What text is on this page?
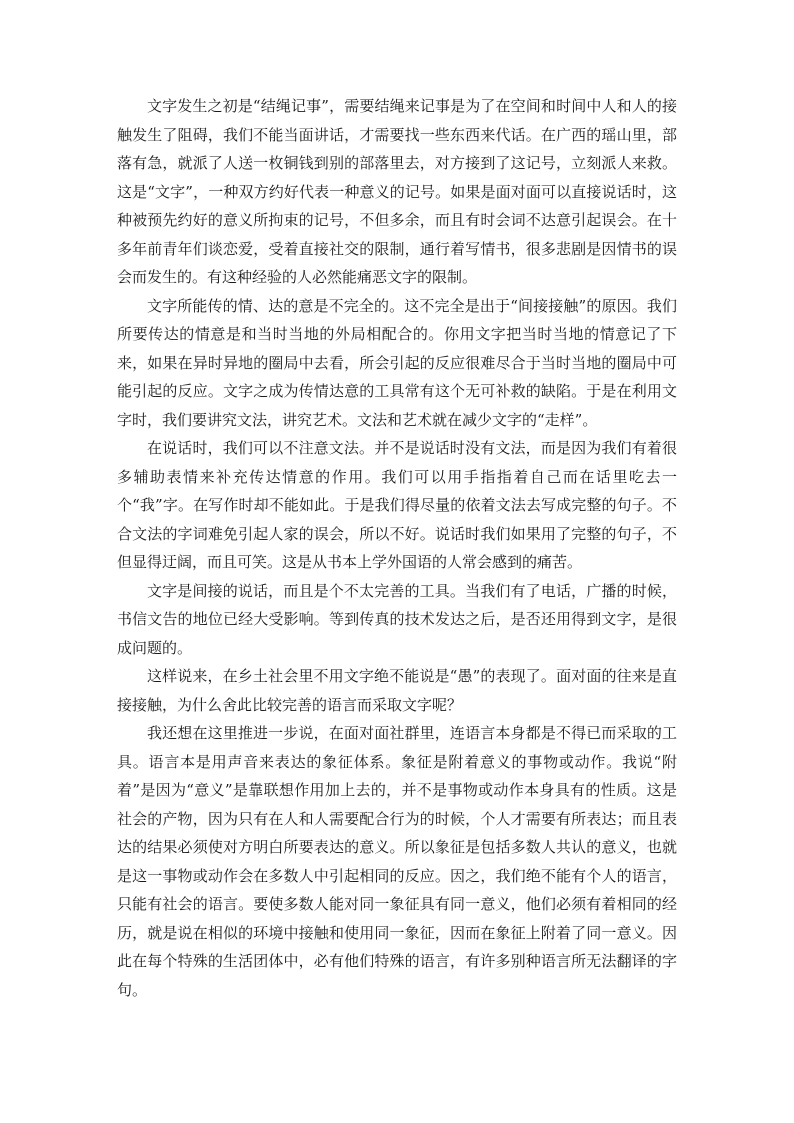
文字发生之初是“结绳记事”，需要结绳来记事是为了在空间和时间中人和人的接触发生了阻碍，我们不能当面讲话，才需要找一些东西来代话。在广西的瑶山里，部落有急，就派了人送一枚铜钱到别的部落里去，对方接到了这记号，立刻派人来救。这是“文字”，一种双方约好代表一种意义的记号。如果是面对面可以直接说话时，这种被预先约好的意义所拘束的记号，不但多余，而且有时会词不达意引起误会。在十多年前青年们谈恋爱，受着直接社交的限制，通行着写情书，很多悲剧是因情书的误会而发生的。有这种经验的人必然能痛恶文字的限制。

文字所能传的情、达的意是不完全的。这不完全是出于“间接接触”的原因。我们所要传达的情意是和当时当地的外局相配合的。你用文字把当时当地的情意记了下来，如果在异时异地的圈局中去看，所会引起的反应很难尽合于当时当地的圈局中可能引起的反应。文字之成为传情达意的工具常有这个无可补救的缺陷。于是在利用文字时，我们要讲究文法，讲究艺术。文法和艺术就在减少文字的“走样”。

在说话时，我们可以不注意文法。并不是说话时没有文法，而是因为我们有着很多辅助表情来补充传达情意的作用。我们可以用手指指着自己而在话里吃去一个“我”字。在写作时却不能如此。于是我们得尽量的依着文法去写成完整的句子。不合文法的字词难免引起人家的误会，所以不好。说话时我们如果用了完整的句子，不但显得迂阔，而且可笑。这是从书本上学外国语的人常会感到的痛苦。

文字是间接的说话，而且是个不太完善的工具。当我们有了电话，广播的时候，书信文告的地位已经大受影响。等到传真的技术发达之后，是否还用得到文字，是很成问题的。

这样说来，在乡土社会里不用文字绝不能说是“愚”的表现了。面对面的往来是直接接触，为什么舍此比较完善的语言而采取文字呢？

我还想在这里推进一步说，在面对面社群里，连语言本身都是不得已而采取的工具。语言本是用声音来表达的象征体系。象征是附着意义的事物或动作。我说“附着”是因为“意义”是靠联想作用加上去的，并不是事物或动作本身具有的性质。这是社会的产物，因为只有在人和人需要配合行为的时候，个人才需要有所表达；而且表达的结果必须使对方明白所要表达的意义。所以象征是包括多数人共认的意义，也就是这一事物或动作会在多数人中引起相同的反应。因之，我们绝不能有个人的语言，只能有社会的语言。要使多数人能对同一象征具有同一意义，他们必须有着相同的经历，就是说在相似的环境中接触和使用同一象征，因而在象征上附着了同一意义。因此在每个特殊的生活团体中，必有他们特殊的语言，有许多别种语言所无法翻译的字句。
